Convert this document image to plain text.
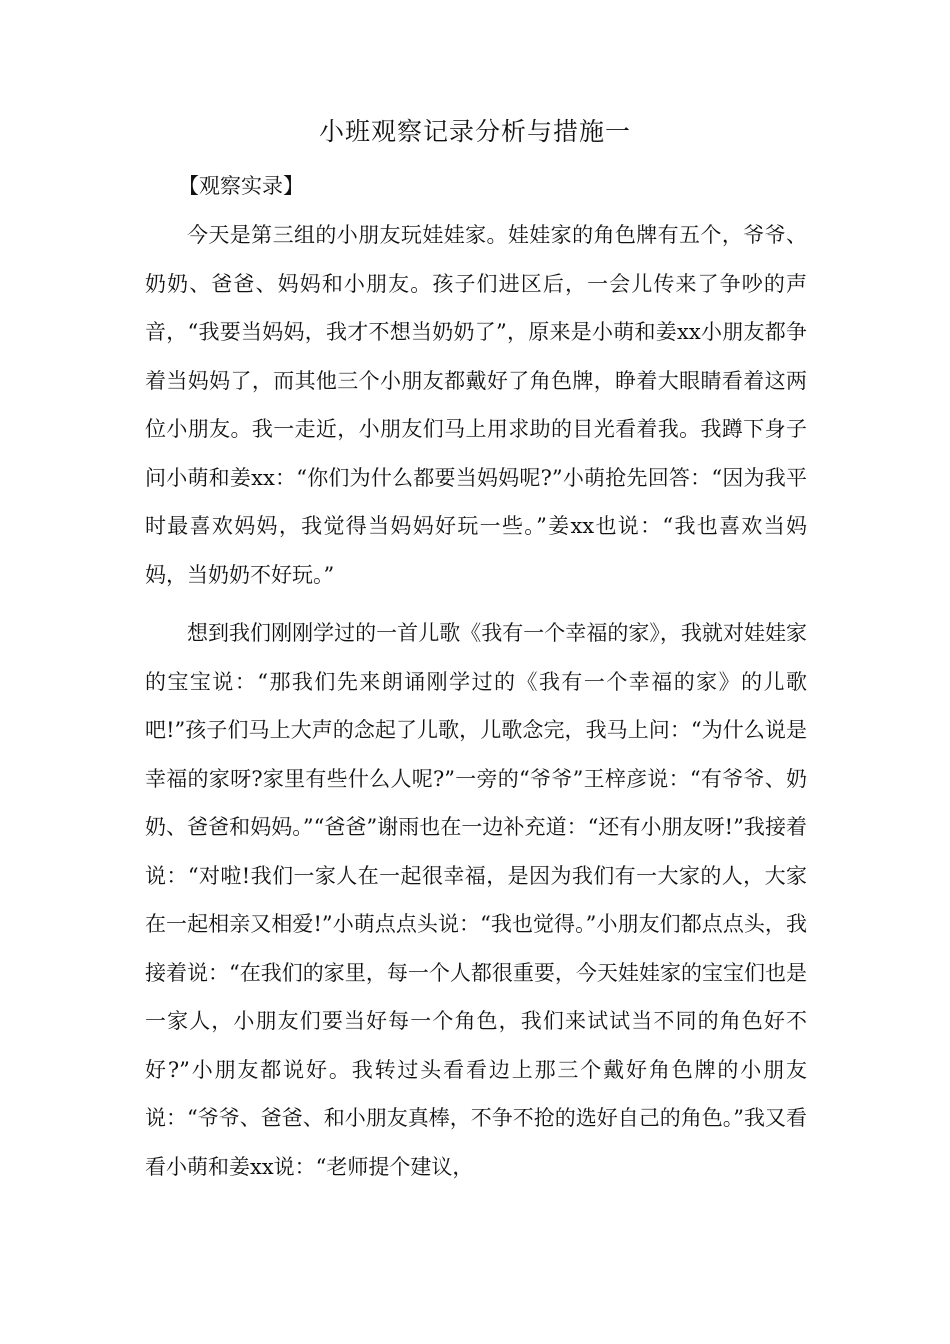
小班观察记录分析与措施一
【观察实录】

今天是第三组的小朋友玩娃娃家。娃娃家的角色牌有五个，爷爷、奶奶、爸爸、妈妈和小朋友。孩子们进区后，一会儿传来了争吵的声音，“我要当妈妈，我才不想当奶奶了”，原来是小萌和姜xx小朋友都争着当妈妈了，而其他三个小朋友都戴好了角色牌，睁着大眼睛看着这两位小朋友。我一走近，小朋友们马上用求助的目光看着我。我蹲下身子问小萌和姜xx：“你们为什么都要当妈妈呢?”小萌抢先回答：“因为我平时最喜欢妈妈，我觉得当妈妈好玩一些。”姜xx也说：“我也喜欢当妈妈，当奶奶不好玩。”

想到我们刚刚学过的一首儿歌《我有一个幸福的家》，我就对娃娃家的宝宝说：“那我们先来朗诵刚学过的《我有一个幸福的家》的儿歌吧!”孩子们马上大声的念起了儿歌，儿歌念完，我马上问：“为什么说是幸福的家呀?家里有些什么人呢?”一旁的“爷爷”王梓彦说：“有爷爷、奶奶、爸爸和妈妈。”“爸爸”谢雨也在一边补充道：“还有小朋友呀!”我接着说：“对啦!我们一家人在一起很幸福，是因为我们有一大家的人，大家在一起相亲又相爱!”小萌点点头说：“我也觉得。”小朋友们都点点头，我接着说：“在我们的家里，每一个人都很重要，今天娃娃家的宝宝们也是一家人，小朋友们要当好每一个角色，我们来试试当不同的角色好不好?”小朋友都说好。我转过头看看边上那三个戴好角色牌的小朋友说：“爷爷、爸爸、和小朋友真棒，不争不抢的选好自己的角色。”我又看看小萌和姜xx说：“老师提个建议，
